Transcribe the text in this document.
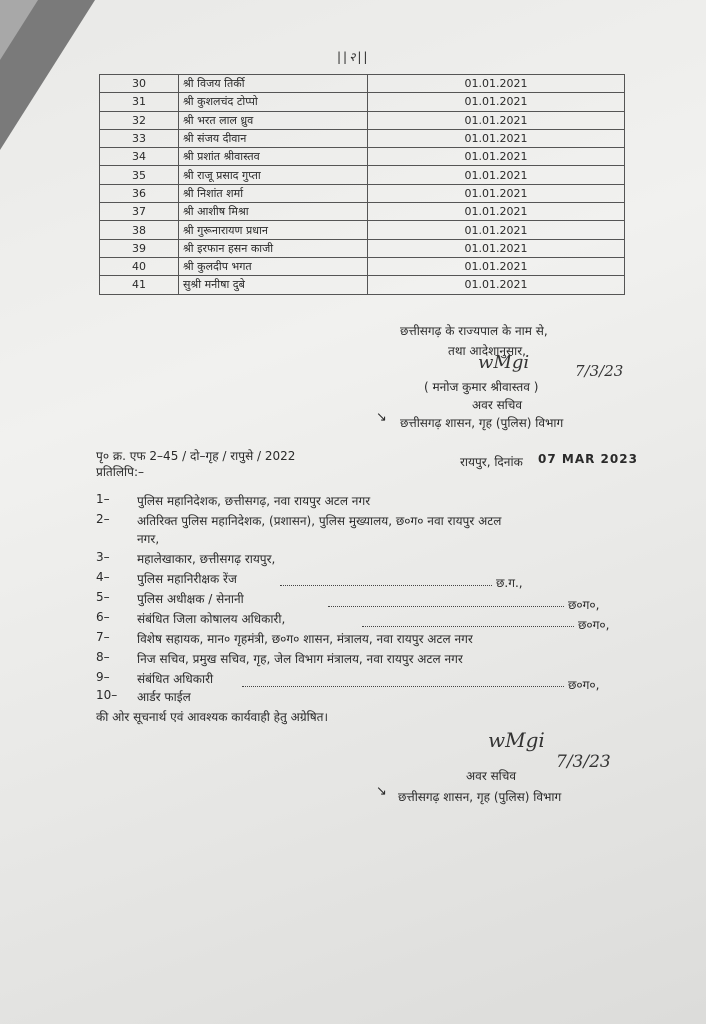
||२||
30	श्री विजय तिर्की	01.01.2021
31	श्री कुशलचंद टोप्पो	01.01.2021
32	श्री भरत लाल ध्रुव	01.01.2021
33	श्री संजय दीवान	01.01.2021
34	श्री प्रशांत श्रीवास्तव	01.01.2021
35	श्री राजू प्रसाद गुप्ता	01.01.2021
36	श्री निशांत शर्मा	01.01.2021
37	श्री आशीष मिश्रा	01.01.2021
38	श्री गुरूनारायण प्रधान	01.01.2021
39	श्री इरफान हसन काजी	01.01.2021
40	श्री कुलदीप भगत	01.01.2021
41	सुश्री मनीषा दुबे	01.01.2021
छत्तीसगढ़ के राज्यपाल के नाम से,
तथा आदेशानुसार,
wMgi	7/3/23
( मनोज कुमार श्रीवास्तव )
अवर सचिव
↘ छत्तीसगढ़ शासन, गृह (पुलिस) विभाग
पृ० क्र. एफ 2–45 / दो–गृह / रापुसे / 2022	रायपुर, दिनांक 07 MAR 2023
प्रतिलिपि:–
1– पुलिस महानिदेशक, छत्तीसगढ़, नवा रायपुर अटल नगर
2– अतिरिक्त पुलिस महानिदेशक, (प्रशासन), पुलिस मुख्यालय, छ०ग० नवा रायपुर अटल
नगर,
3– महालेखाकार, छत्तीसगढ़ रायपुर,
4– पुलिस महानिरीक्षक रेंज	छ.ग.,
5– पुलिस अधीक्षक / सेनानी	छ०ग०,
6– संबंधित जिला कोषालय अधिकारी,	छ०ग०,
7– विशेष सहायक, मान० गृहमंत्री, छ०ग० शासन, मंत्रालय, नवा रायपुर अटल नगर
8– निज सचिव, प्रमुख सचिव, गृह, जेल विभाग मंत्रालय, नवा रायपुर अटल नगर
9– संबंधित अधिकारी	छ०ग०,
10– आर्डर फाईल
की ओर सूचनार्थ एवं आवश्यक कार्यवाही हेतु अग्रेषित।
wMgi
7/3/23
अवर सचिव
↘ छत्तीसगढ़ शासन, गृह (पुलिस) विभाग
